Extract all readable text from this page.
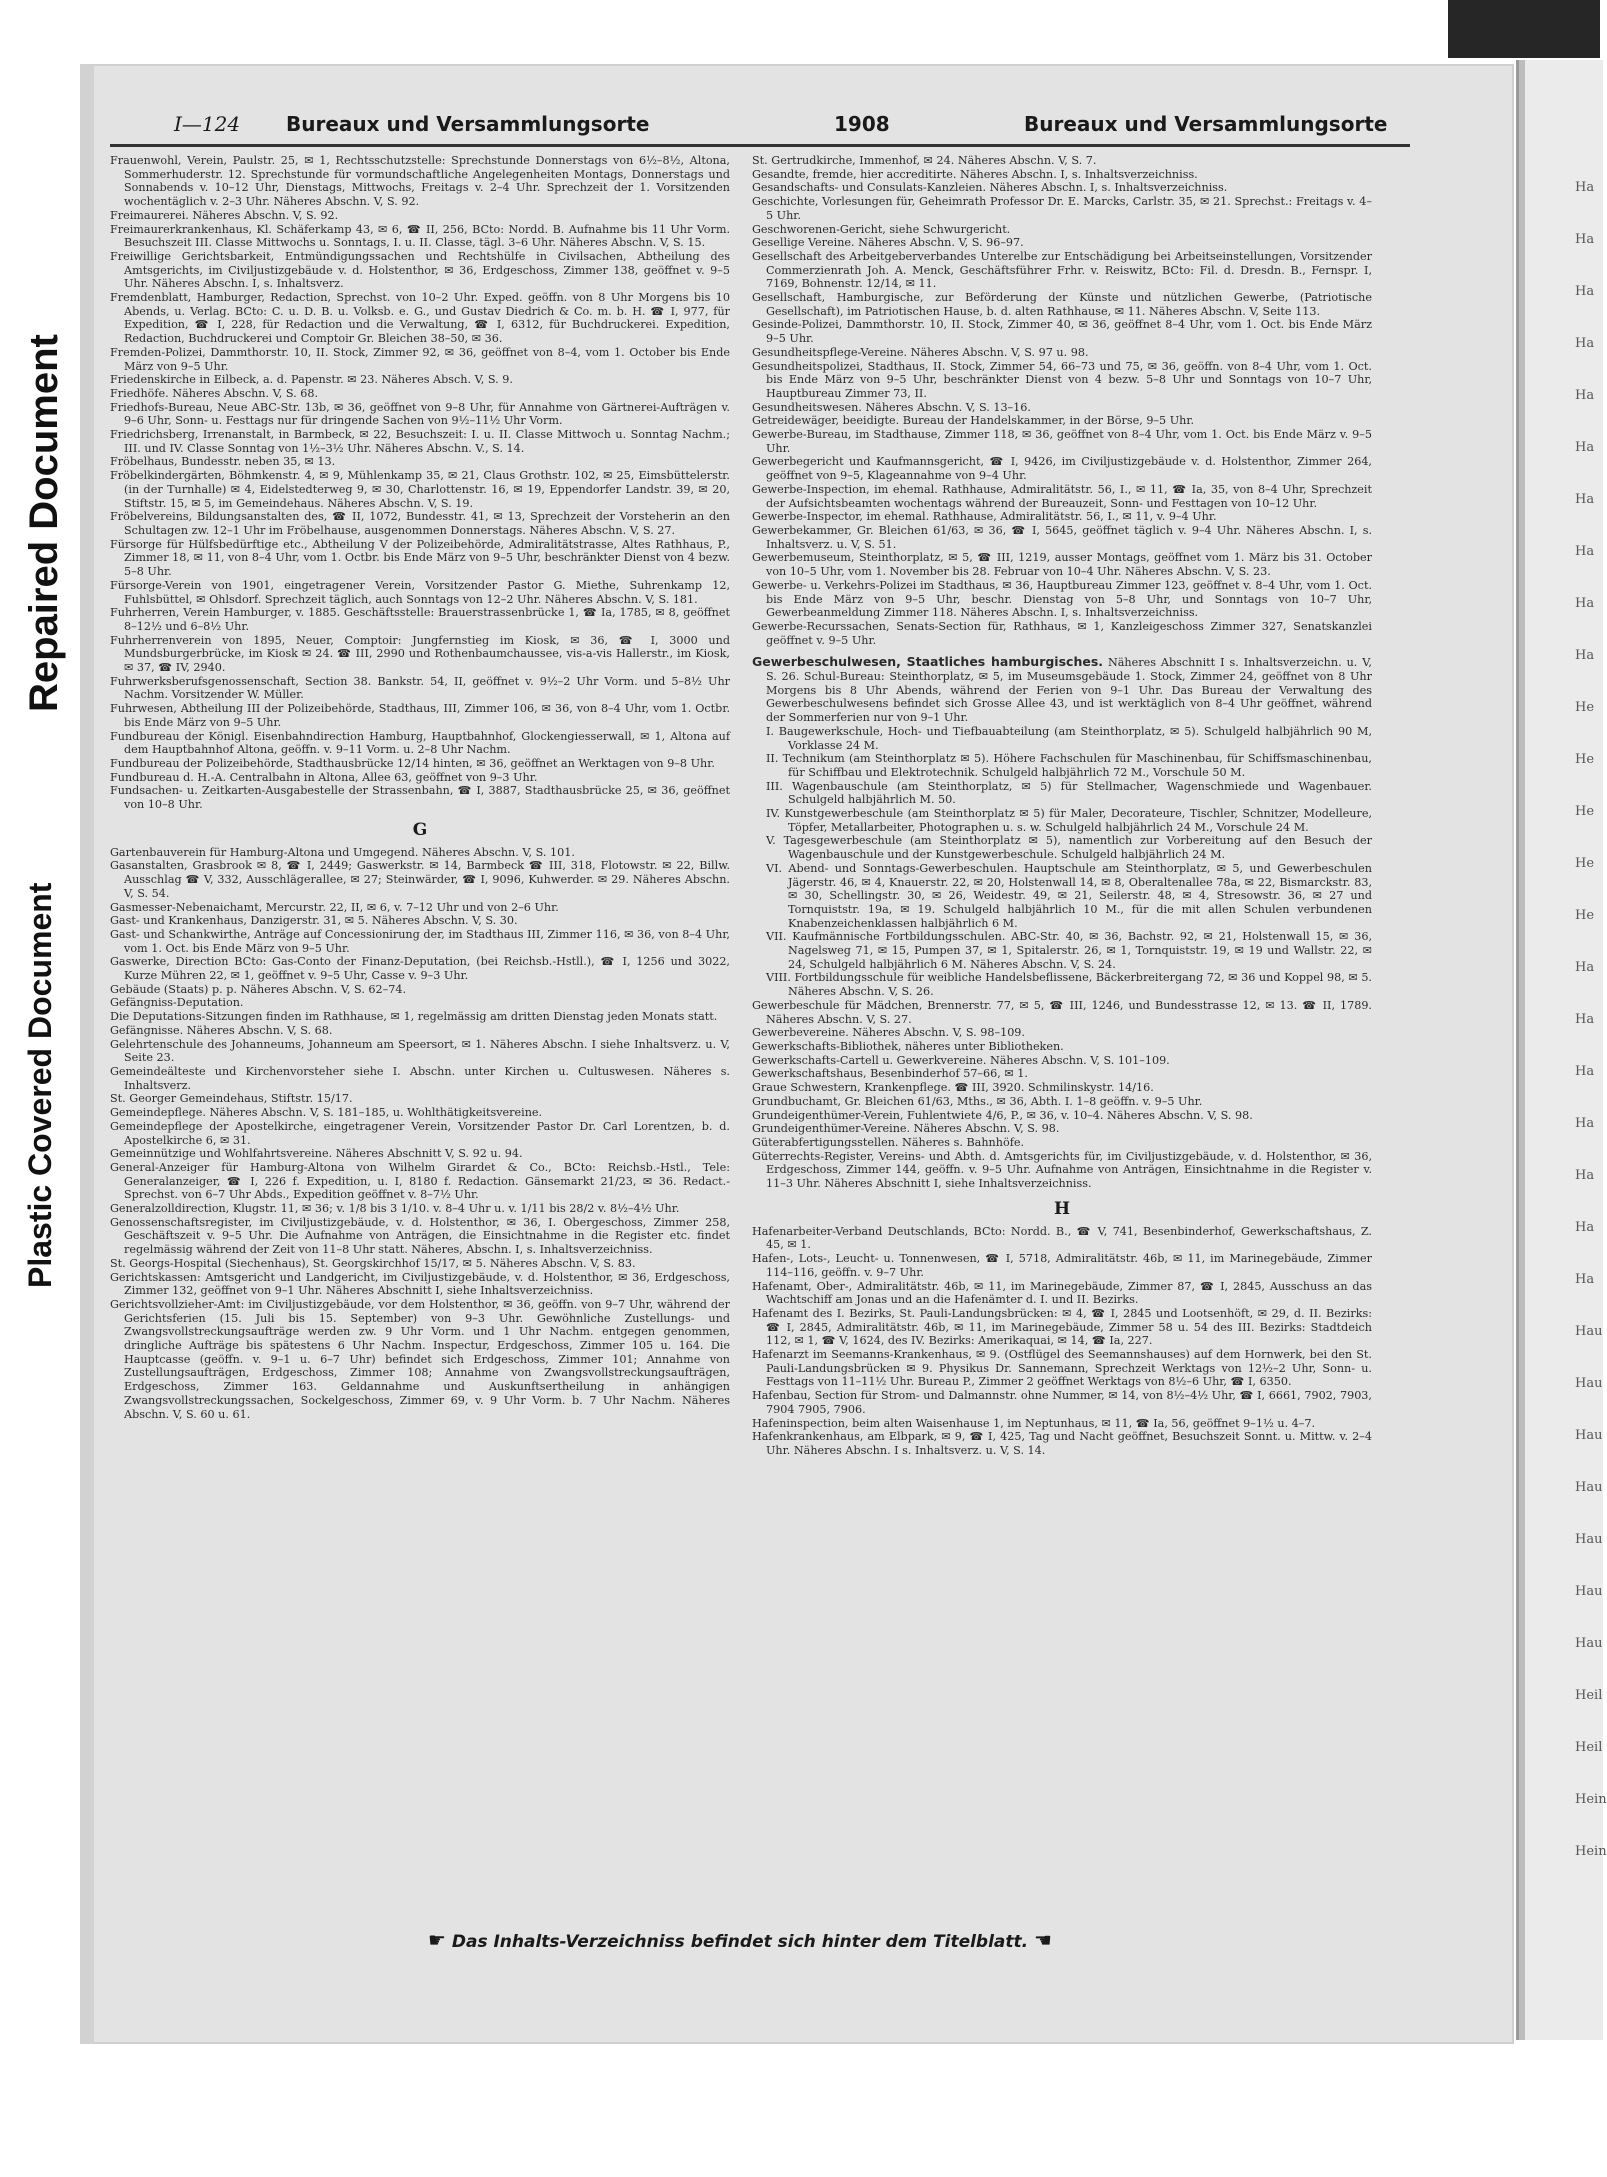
Repaired Document
Plastic Covered Document
I—124 Bureaux und Versammlungsorte	1908	Bureaux und Versammlungsorte

Frauenwohl, Verein, Paulstr. 25, ✉ 1, Rechtsschutzstelle: Sprechstunde Donnerstags von 6½–8½, Altona, Sommerhuderstr. 12. Sprechstunde für vormundschaftliche Angelegenheiten Montags, Donnerstags und Sonnabends v. 10–12 Uhr, Dienstags, Mittwochs, Freitags v. 2–4 Uhr. Sprechzeit der 1. Vorsitzenden wochentäglich v. 2–3 Uhr. Näheres Abschn. V, S. 92.

Freimaurerei. Näheres Abschn. V, S. 92.

Freimaurerkrankenhaus, Kl. Schäferkamp 43, ✉ 6, ☎ II, 256, BCto: Nordd. B. Aufnahme bis 11 Uhr Vorm. Besuchszeit III. Classe Mittwochs u. Sonntags, I. u. II. Classe, tägl. 3–6 Uhr. Näheres Abschn. V, S. 15.

Freiwillige Gerichtsbarkeit, Entmündigungssachen und Rechtshülfe in Civilsachen, Abtheilung des Amtsgerichts, im Civiljustizgebäude v. d. Holstenthor, ✉ 36, Erdgeschoss, Zimmer 138, geöffnet v. 9–5 Uhr. Näheres Abschn. I, s. Inhaltsverz.

Fremdenblatt, Hamburger, Redaction, Sprechst. von 10–2 Uhr. Exped. geöffn. von 8 Uhr Morgens bis 10 Abends, u. Verlag. BCto: C. u. D. B. u. Volksb. e. G., und Gustav Diedrich & Co. m. b. H. ☎ I, 977, für Expedition, ☎ I, 228, für Redaction und die Verwaltung, ☎ I, 6312, für Buchdruckerei. Expedition, Redaction, Buchdruckerei und Comptoir Gr. Bleichen 38–50, ✉ 36.

Fremden-Polizei, Dammthorstr. 10, II. Stock, Zimmer 92, ✉ 36, geöffnet von 8–4, vom 1. October bis Ende März von 9–5 Uhr.

Friedenskirche in Eilbeck, a. d. Papenstr. ✉ 23. Näheres Absch. V, S. 9.

Friedhöfe. Näheres Abschn. V, S. 68.

Friedhofs-Bureau, Neue ABC-Str. 13b, ✉ 36, geöffnet von 9–8 Uhr, für Annahme von Gärtnerei-Aufträgen v. 9–6 Uhr, Sonn- u. Festtags nur für dringende Sachen von 9½–11½ Uhr Vorm.

Friedrichsberg, Irrenanstalt, in Barmbeck, ✉ 22, Besuchszeit: I. u. II. Classe Mittwoch u. Sonntag Nachm.; III. und IV. Classe Sonntag von 1½–3½ Uhr. Näheres Abschn. V., S. 14.

Fröbelhaus, Bundesstr. neben 35, ✉ 13.

Fröbelkindergärten, Böhmkenstr. 4, ✉ 9, Mühlenkamp 35, ✉ 21, Claus Grothstr. 102, ✉ 25, Eimsbüttelerstr. (in der Turnhalle) ✉ 4, Eidelstedterweg 9, ✉ 30, Charlottenstr. 16, ✉ 19, Eppendorfer Landstr. 39, ✉ 20, Stiftstr. 15, ✉ 5, im Gemeindehaus. Näheres Abschn. V, S. 19.

Fröbelvereins, Bildungsanstalten des, ☎ II, 1072, Bundesstr. 41, ✉ 13, Sprechzeit der Vorsteherin an den Schultagen zw. 12–1 Uhr im Fröbelhause, ausgenommen Donnerstags. Näheres Abschn. V, S. 27.

Fürsorge für Hülfsbedürftige etc., Abtheilung V der Polizeibehörde, Admiralitätstrasse, Altes Rathhaus, P., Zimmer 18, ✉ 11, von 8–4 Uhr, vom 1. Octbr. bis Ende März von 9–5 Uhr, beschränkter Dienst von 4 bezw. 5–8 Uhr.

Fürsorge-Verein von 1901, eingetragener Verein, Vorsitzender Pastor G. Miethe, Suhrenkamp 12, Fuhlsbüttel, ✉ Ohlsdorf. Sprechzeit täglich, auch Sonntags von 12–2 Uhr. Näheres Abschn. V, S. 181.

Fuhrherren, Verein Hamburger, v. 1885. Geschäftsstelle: Brauerstrassenbrücke 1, ☎ Ia, 1785, ✉ 8, geöffnet 8–12½ und 6–8½ Uhr.

Fuhrherrenverein von 1895, Neuer, Comptoir: Jungfernstieg im Kiosk, ✉ 36, ☎ I, 3000 und Mundsburgerbrücke, im Kiosk ✉ 24. ☎ III, 2990 und Rothenbaumchaussee, vis-a-vis Hallerstr., im Kiosk, ✉ 37, ☎ IV, 2940.

Fuhrwerksberufsgenossenschaft, Section 38. Bankstr. 54, II, geöffnet v. 9½–2 Uhr Vorm. und 5–8½ Uhr Nachm. Vorsitzender W. Müller.

Fuhrwesen, Abtheilung III der Polizeibehörde, Stadthaus, III, Zimmer 106, ✉ 36, von 8–4 Uhr, vom 1. Octbr. bis Ende März von 9–5 Uhr.

Fundbureau der Königl. Eisenbahndirection Hamburg, Hauptbahnhof, Glockengiesserwall, ✉ 1, Altona auf dem Hauptbahnhof Altona, geöffn. v. 9–11 Vorm. u. 2–8 Uhr Nachm.

Fundbureau der Polizeibehörde, Stadthausbrücke 12/14 hinten, ✉ 36, geöffnet an Werktagen von 9–8 Uhr.

Fundbureau d. H.-A. Centralbahn in Altona, Allee 63, geöffnet von 9–3 Uhr.

Fundsachen- u. Zeitkarten-Ausgabestelle der Strassenbahn, ☎ I, 3887, Stadthausbrücke 25, ✉ 36, geöffnet von 10–8 Uhr.

G

Gartenbauverein für Hamburg-Altona und Umgegend. Näheres Abschn. V, S. 101.

Gasanstalten, Grasbrook ✉ 8, ☎ I, 2449; Gaswerkstr. ✉ 14, Barmbeck ☎ III, 318, Flotowstr. ✉ 22, Billw. Ausschlag ☎ V, 332, Ausschlägerallee, ✉ 27; Steinwärder, ☎ I, 9096, Kuhwerder. ✉ 29. Näheres Abschn. V, S. 54.

Gasmesser-Nebenaichamt, Mercurstr. 22, II, ✉ 6, v. 7–12 Uhr und von 2–6 Uhr.

Gast- und Krankenhaus, Danzigerstr. 31, ✉ 5. Näheres Abschn. V, S. 30.

Gast- und Schankwirthe, Anträge auf Concessionirung der, im Stadthaus III, Zimmer 116, ✉ 36, von 8–4 Uhr, vom 1. Oct. bis Ende März von 9–5 Uhr.

Gaswerke, Direction BCto: Gas-Conto der Finanz-Deputation, (bei Reichsb.-Hstll.), ☎ I, 1256 und 3022, Kurze Mühren 22, ✉ 1, geöffnet v. 9–5 Uhr, Casse v. 9–3 Uhr.

Gebäude (Staats) p. p. Näheres Abschn. V, S. 62–74.

Gefängniss-Deputation.

Die Deputations-Sitzungen finden im Rathhause, ✉ 1, regelmässig am dritten Dienstag jeden Monats statt.

Gefängnisse. Näheres Abschn. V, S. 68.

Gelehrtenschule des Johanneums, Johanneum am Speersort, ✉ 1. Näheres Abschn. I siehe Inhaltsverz. u. V, Seite 23.

Gemeindeälteste und Kirchenvorsteher siehe I. Abschn. unter Kirchen u. Cultuswesen. Näheres s. Inhaltsverz.

St. Georger Gemeindehaus, Stiftstr. 15/17.

Gemeindepflege. Näheres Abschn. V, S. 181–185, u. Wohlthätigkeitsvereine.

Gemeindepflege der Apostelkirche, eingetragener Verein, Vorsitzender Pastor Dr. Carl Lorentzen, b. d. Apostelkirche 6, ✉ 31.

Gemeinnützige und Wohlfahrtsvereine. Näheres Abschnitt V, S. 92 u. 94.

General-Anzeiger für Hamburg-Altona von Wilhelm Girardet & Co., BCto: Reichsb.-Hstl., Tele: Generalanzeiger, ☎ I, 226 f. Expedition, u. I, 8180 f. Redaction. Gänsemarkt 21/23, ✉ 36. Redact.-Sprechst. von 6–7 Uhr Abds., Expedition geöffnet v. 8–7½ Uhr.

Generalzolldirection, Klugstr. 11, ✉ 36; v. 1/8 bis 3 1/10. v. 8–4 Uhr u. v. 1/11 bis 28/2 v. 8½–4½ Uhr.

Genossenschaftsregister, im Civiljustizgebäude, v. d. Holstenthor, ✉ 36, I. Obergeschoss, Zimmer 258, Geschäftszeit v. 9–5 Uhr. Die Aufnahme von Anträgen, die Einsichtnahme in die Register etc. findet regelmässig während der Zeit von 11–8 Uhr statt. Näheres, Abschn. I, s. Inhaltsverzeichniss.

St. Georgs-Hospital (Siechenhaus), St. Georgskirchhof 15/17, ✉ 5. Näheres Abschn. V, S. 83.

Gerichtskassen: Amtsgericht und Landgericht, im Civiljustizgebäude, v. d. Holstenthor, ✉ 36, Erdgeschoss, Zimmer 132, geöffnet von 9–1 Uhr. Näheres Abschnitt I, siehe Inhaltsverzeichniss.

Gerichtsvollzieher-Amt: im Civiljustizgebäude, vor dem Holstenthor, ✉ 36, geöffn. von 9–7 Uhr, während der Gerichtsferien (15. Juli bis 15. September) von 9–3 Uhr. Gewöhnliche Zustellungs- und Zwangsvollstreckungsaufträge werden zw. 9 Uhr Vorm. und 1 Uhr Nachm. entgegen genommen, dringliche Aufträge bis spätestens 6 Uhr Nachm. Inspectur, Erdgeschoss, Zimmer 105 u. 164. Die Hauptcasse (geöffn. v. 9–1 u. 6–7 Uhr) befindet sich Erdgeschoss, Zimmer 101; Annahme von Zustellungsaufträgen, Erdgeschoss, Zimmer 108; Annahme von Zwangsvollstreckungsaufträgen, Erdgeschoss, Zimmer 163. Geldannahme und Auskunftsertheilung in anhängigen Zwangsvollstreckungssachen, Sockelgeschoss, Zimmer 69, v. 9 Uhr Vorm. b. 7 Uhr Nachm. Näheres Abschn. V, S. 60 u. 61.

St. Gertrudkirche, Immenhof, ✉ 24. Näheres Abschn. V, S. 7.

Gesandte, fremde, hier accreditirte. Näheres Abschn. I, s. Inhaltsverzeichniss.

Gesandschafts- und Consulats-Kanzleien. Näheres Abschn. I, s. Inhaltsverzeichniss.

Geschichte, Vorlesungen für, Geheimrath Professor Dr. E. Marcks, Carlstr. 35, ✉ 21. Sprechst.: Freitags v. 4–5 Uhr.

Geschworenen-Gericht, siehe Schwurgericht.

Gesellige Vereine. Näheres Abschn. V, S. 96–97.

Gesellschaft des Arbeitgeberverbandes Unterelbe zur Entschädigung bei Arbeitseinstellungen, Vorsitzender Commerzienrath Joh. A. Menck, Geschäftsführer Frhr. v. Reiswitz, BCto: Fil. d. Dresdn. B., Fernspr. I, 7169, Bohnenstr. 12/14, ✉ 11.

Gesellschaft, Hamburgische, zur Beförderung der Künste und nützlichen Gewerbe, (Patriotische Gesellschaft), im Patriotischen Hause, b. d. alten Rathhause, ✉ 11. Näheres Abschn. V, Seite 113.

Gesinde-Polizei, Dammthorstr. 10, II. Stock, Zimmer 40, ✉ 36, geöffnet 8–4 Uhr, vom 1. Oct. bis Ende März 9–5 Uhr.

Gesundheitspflege-Vereine. Näheres Abschn. V, S. 97 u. 98.

Gesundheitspolizei, Stadthaus, II. Stock, Zimmer 54, 66–73 und 75, ✉ 36, geöffn. von 8–4 Uhr, vom 1. Oct. bis Ende März von 9–5 Uhr, beschränkter Dienst von 4 bezw. 5–8 Uhr und Sonntags von 10–7 Uhr, Hauptbureau Zimmer 73, II.

Gesundheitswesen. Näheres Abschn. V, S. 13–16.

Getreidewäger, beeidigte. Bureau der Handelskammer, in der Börse, 9–5 Uhr.

Gewerbe-Bureau, im Stadthause, Zimmer 118, ✉ 36, geöffnet von 8–4 Uhr, vom 1. Oct. bis Ende März v. 9–5 Uhr.

Gewerbegericht und Kaufmannsgericht, ☎ I, 9426, im Civiljustizgebäude v. d. Holstenthor, Zimmer 264, geöffnet von 9–5, Klageannahme von 9–4 Uhr.

Gewerbe-Inspection, im ehemal. Rathhause, Admiralitätstr. 56, I., ✉ 11, ☎ Ia, 35, von 8–4 Uhr, Sprechzeit der Aufsichtsbeamten wochentags während der Bureauzeit, Sonn- und Festtagen von 10–12 Uhr.

Gewerbe-Inspector, im ehemal. Rathhause, Admiralitätstr. 56, I., ✉ 11, v. 9–4 Uhr.

Gewerbekammer, Gr. Bleichen 61/63, ✉ 36, ☎ I, 5645, geöffnet täglich v. 9–4 Uhr. Näheres Abschn. I, s. Inhaltsverz. u. V, S. 51.

Gewerbemuseum, Steinthorplatz, ✉ 5, ☎ III, 1219, ausser Montags, geöffnet vom 1. März bis 31. October von 10–5 Uhr, vom 1. November bis 28. Februar von 10–4 Uhr. Näheres Abschn. V, S. 23.

Gewerbe- u. Verkehrs-Polizei im Stadthaus, ✉ 36, Hauptbureau Zimmer 123, geöffnet v. 8–4 Uhr, vom 1. Oct. bis Ende März von 9–5 Uhr, beschr. Dienstag von 5–8 Uhr, und Sonntags von 10–7 Uhr, Gewerbeanmeldung Zimmer 118. Näheres Abschn. I, s. Inhaltsverzeichniss.

Gewerbe-Recurssachen, Senats-Section für, Rathhaus, ✉ 1, Kanzleigeschoss Zimmer 327, Senatskanzlei geöffnet v. 9–5 Uhr.

Gewerbeschulwesen, Staatliches hamburgisches. Näheres Abschnitt I s. Inhaltsverzeichn. u. V, S. 26. Schul-Bureau: Steinthorplatz, ✉ 5, im Museumsgebäude 1. Stock, Zimmer 24, geöffnet von 8 Uhr Morgens bis 8 Uhr Abends, während der Ferien von 9–1 Uhr. Das Bureau der Verwaltung des Gewerbeschulwesens befindet sich Grosse Allee 43, und ist werktäglich von 8–4 Uhr geöffnet, während der Sommerferien nur von 9–1 Uhr.

I. Baugewerkschule, Hoch- und Tiefbauabteilung (am Steinthorplatz, ✉ 5). Schulgeld halbjährlich 90 M, Vorklasse 24 M.

II. Technikum (am Steinthorplatz ✉ 5). Höhere Fachschulen für Maschinenbau, für Schiffsmaschinenbau, für Schiffbau und Elektrotechnik. Schulgeld halbjährlich 72 M., Vorschule 50 M.

III. Wagenbauschule (am Steinthorplatz, ✉ 5) für Stellmacher, Wagenschmiede und Wagenbauer. Schulgeld halbjährlich M. 50.

IV. Kunstgewerbeschule (am Steinthorplatz ✉ 5) für Maler, Decorateure, Tischler, Schnitzer, Modelleure, Töpfer, Metallarbeiter, Photographen u. s. w. Schulgeld halbjährlich 24 M., Vorschule 24 M.

V. Tagesgewerbeschule (am Steinthorplatz ✉ 5), namentlich zur Vorbereitung auf den Besuch der Wagenbauschule und der Kunstgewerbeschule. Schulgeld halbjährlich 24 M.

VI. Abend- und Sonntags-Gewerbeschulen. Hauptschule am Steinthorplatz, ✉ 5, und Gewerbeschulen Jägerstr. 46, ✉ 4, Knauerstr. 22, ✉ 20, Holstenwall 14, ✉ 8, Oberaltenallee 78a, ✉ 22, Bismarckstr. 83, ✉ 30, Schellingstr. 30, ✉ 26, Weidestr. 49, ✉ 21, Seilerstr. 48, ✉ 4, Stresowstr. 36, ✉ 27 und Tornquiststr. 19a, ✉ 19. Schulgeld halbjährlich 10 M., für die mit allen Schulen verbundenen Knabenzeichenklassen halbjährlich 6 M.

VII. Kaufmännische Fortbildungsschulen. ABC-Str. 40, ✉ 36, Bachstr. 92, ✉ 21, Holstenwall 15, ✉ 36, Nagelsweg 71, ✉ 15, Pumpen 37, ✉ 1, Spitalerstr. 26, ✉ 1, Tornquiststr. 19, ✉ 19 und Wallstr. 22, ✉ 24, Schulgeld halbjährlich 6 M. Näheres Abschn. V, S. 24.

VIII. Fortbildungsschule für weibliche Handelsbeflissene, Bäckerbreitergang 72, ✉ 36 und Koppel 98, ✉ 5. Näheres Abschn. V, S. 26.

Gewerbeschule für Mädchen, Brennerstr. 77, ✉ 5, ☎ III, 1246, und Bundesstrasse 12, ✉ 13. ☎ II, 1789. Näheres Abschn. V, S. 27.

Gewerbevereine. Näheres Abschn. V, S. 98–109.

Gewerkschafts-Bibliothek, näheres unter Bibliotheken.

Gewerkschafts-Cartell u. Gewerkvereine. Näheres Abschn. V, S. 101–109.

Gewerkschaftshaus, Besenbinderhof 57–66, ✉ 1.

Graue Schwestern, Krankenpflege. ☎ III, 3920. Schmilinskystr. 14/16.

Grundbuchamt, Gr. Bleichen 61/63, Mths., ✉ 36, Abth. I. 1–8 geöffn. v. 9–5 Uhr.

Grundeigenthümer-Verein, Fuhlentwiete 4/6, P., ✉ 36, v. 10–4. Näheres Abschn. V, S. 98.

Grundeigenthümer-Vereine. Näheres Abschn. V, S. 98.

Güterabfertigungsstellen. Näheres s. Bahnhöfe.

Güterrechts-Register, Vereins- und Abth. d. Amtsgerichts für, im Civiljustizgebäude, v. d. Holstenthor, ✉ 36, Erdgeschoss, Zimmer 144, geöffn. v. 9–5 Uhr. Aufnahme von Anträgen, Einsichtnahme in die Register v. 11–3 Uhr. Näheres Abschnitt I, siehe Inhaltsverzeichniss.

H

Hafenarbeiter-Verband Deutschlands, BCto: Nordd. B., ☎ V, 741, Besenbinderhof, Gewerkschaftshaus, Z. 45, ✉ 1.

Hafen-, Lots-, Leucht- u. Tonnenwesen, ☎ I, 5718, Admiralitätstr. 46b, ✉ 11, im Marinegebäude, Zimmer 114–116, geöffn. v. 9–7 Uhr.

Hafenamt, Ober-, Admiralitätstr. 46b, ✉ 11, im Marinegebäude, Zimmer 87, ☎ I, 2845, Ausschuss an das Wachtschiff am Jonas und an die Hafenämter d. I. und II. Bezirks.

Hafenamt des I. Bezirks, St. Pauli-Landungsbrücken: ✉ 4, ☎ I, 2845 und Lootsenhöft, ✉ 29, d. II. Bezirks: ☎ I, 2845, Admiralitätstr. 46b, ✉ 11, im Marinegebäude, Zimmer 58 u. 54 des III. Bezirks: Stadtdeich 112, ✉ 1, ☎ V, 1624, des IV. Bezirks: Amerikaquai, ✉ 14, ☎ Ia, 227.

Hafenarzt im Seemanns-Krankenhaus, ✉ 9. (Ostflügel des Seemannshauses) auf dem Hornwerk, bei den St. Pauli-Landungsbrücken ✉ 9. Physikus Dr. Sannemann, Sprechzeit Werktags von 12½–2 Uhr, Sonn- u. Festtags von 11–11½ Uhr. Bureau P., Zimmer 2 geöffnet Werktags von 8½–6 Uhr, ☎ I, 6350.

Hafenbau, Section für Strom- und Dalmannstr. ohne Nummer, ✉ 14, von 8½–4½ Uhr, ☎ I, 6661, 7902, 7903, 7904 7905, 7906.

Hafeninspection, beim alten Waisenhause 1, im Neptunhaus, ✉ 11, ☎ Ia, 56, geöffnet 9–1½ u. 4–7.

Hafenkrankenhaus, am Elbpark, ✉ 9, ☎ I, 425, Tag und Nacht geöffnet, Besuchszeit Sonnt. u. Mittw. v. 2–4 Uhr. Näheres Abschn. I s. Inhaltsverz. u. V, S. 14.

☛ Das Inhalts-Verzeichniss befindet sich hinter dem Titelblatt. ☚
Ha
Ha
Ha
Ha
Ha
Ha
Ha
Ha
Ha
Ha
He
He
He
He
He
Ha
Ha
Ha
Ha
Ha
Ha
Ha
Hau
Hau
Hau
Hau
Hau
Hau
Hau
Heil
Heil
Hein
Hein
